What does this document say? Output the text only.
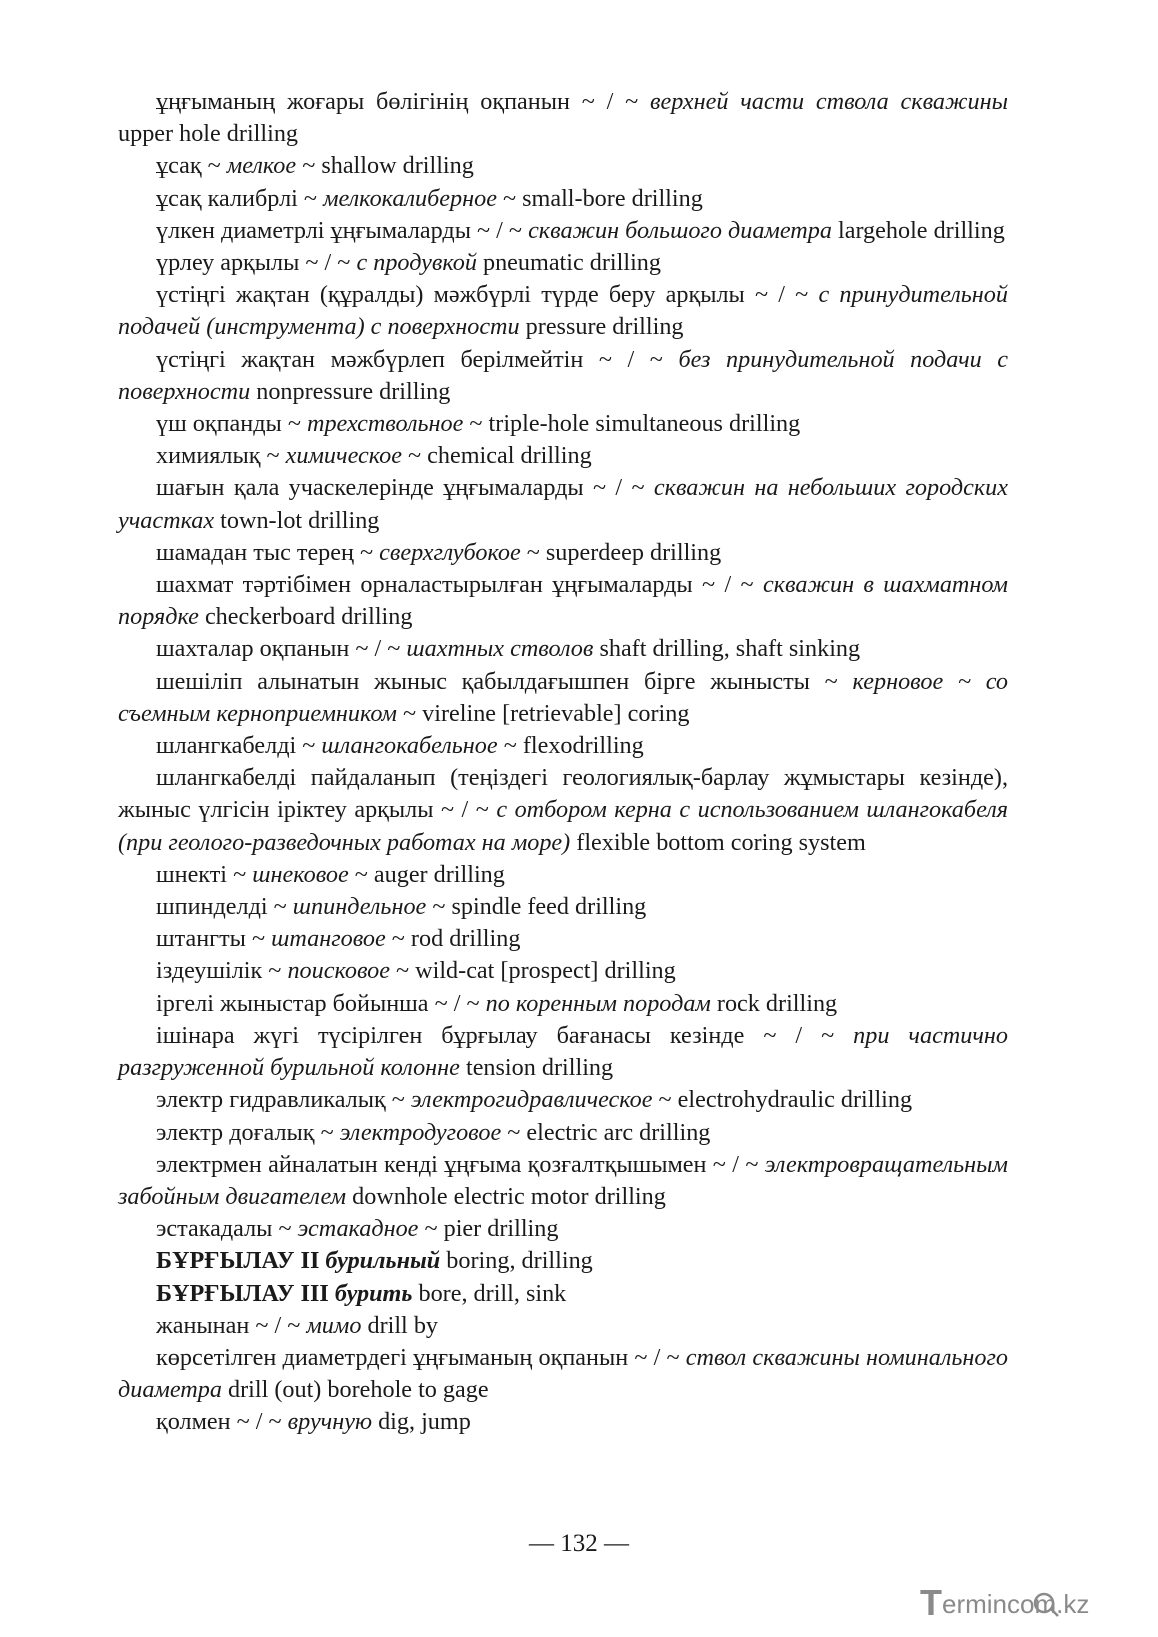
ұңғыманың жоғары бөлігінің оқпанын ~ / ~ верхней части ствола скважины upper hole drilling

ұсақ ~ мелкое ~ shallow drilling

ұсақ калибрлі ~ мелкокалиберное ~ small-bore drilling

үлкен диаметрлі ұңғымаларды ~ / ~ скважин большого диаметра largehole drilling

үрлеу арқылы ~ / ~ с продувкой pneumatic drilling

үстіңгі жақтан (құралды) мәжбүрлі түрде беру арқылы ~ / ~ с принудительной подачей (инструмента) с поверхности pressure drilling

үстіңгі жақтан мәжбүрлеп берілмейтін ~ / ~ без принудительной подачи с поверхности nonpressure drilling

үш оқпанды ~ трехствольное ~ triple-hole simultaneous drilling

химиялық ~ химическое ~ chemical drilling

шағын қала учаскелерінде ұңғымаларды ~ / ~ скважин на небольших городских участках town-lot drilling

шамадан тыс терең ~ сверхглубокое ~ superdeep drilling

шахмат тәртібімен орналастырылған ұңғымаларды ~ / ~ скважин в шахматном порядке checkerboard drilling

шахталар оқпанын ~ / ~ шахтных стволов shaft drilling, shaft sinking

шешіліп алынатын жыныс қабылдағышпен бірге жынысты ~ керновое ~ со съемным керноприемником ~ vireline [retrievable] coring

шлангкабелді ~ шлангокабельное ~ flexodrilling

шлангкабелді пайдаланып (теңіздегі геологиялық-барлау жұмыстары кезінде), жыныс үлгісін іріктеу арқылы ~ / ~ с отбором керна с использованием шлангокабеля (при геолого-разведочных работах на море) flexible bottom coring system

шнекті ~ шнековое ~ auger drilling

шпинделді ~ шпиндельное ~ spindle feed drilling

штангты ~ штанговое ~ rod drilling

іздеушілік ~ поисковое ~ wild-cat [prospect] drilling

іргелі жыныстар бойынша ~ / ~ по коренным породам rock drilling

ішінара жүгі түсірілген бұрғылау бағанасы кезінде ~ / ~ при частично разгруженной бурильной колонне tension drilling

электр гидравликалық ~ электрогидравлическое ~ electrohydraulic drilling

электр доғалық ~ электродуговое ~ electric arc drilling

электрмен айналатын кенді ұңғыма қозғалтқышымен ~ / ~ электровращательным забойным двигателем downhole electric motor drilling

эстакадалы ~ эстакадное ~ pier drilling

БҰРҒЫЛАУ II бурильный boring, drilling

БҰРҒЫЛАУ III бурить bore, drill, sink

жанынан ~ / ~ мимо drill by

көрсетілген диаметрдегі ұңғыманың оқпанын ~ / ~ ствол скважины номинального диаметра drill (out) borehole to gage

қолмен ~ / ~ вручную dig, jump

— 132 —
T ermincom.kz
